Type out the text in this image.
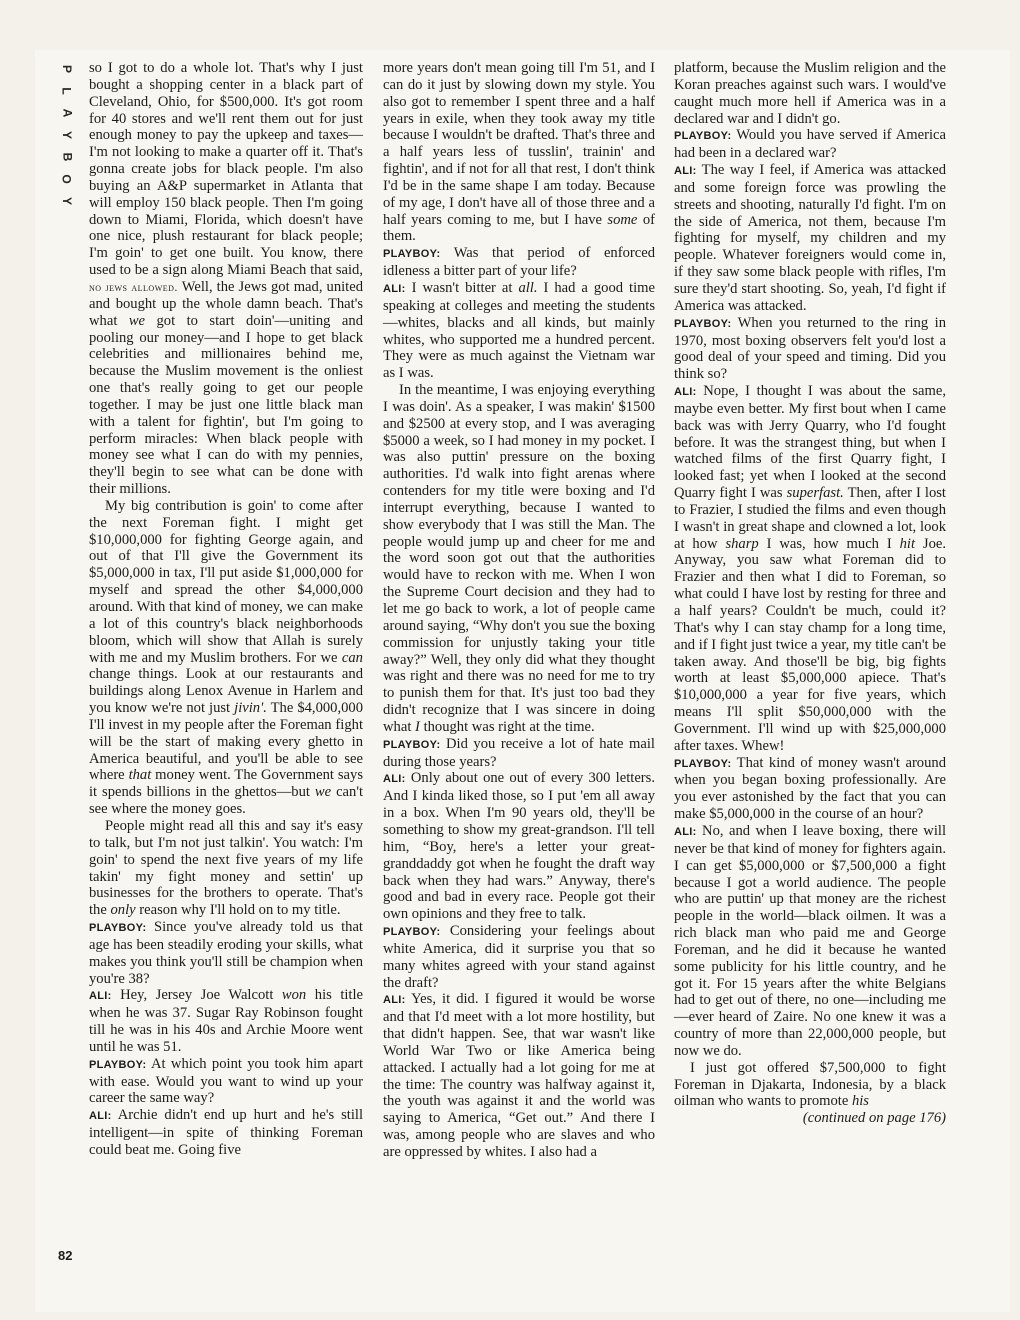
P
L
A
Y
B
O
Y
82

so I got to do a whole lot. That's why I just bought a shopping center in a black part of Cleveland, Ohio, for $500,000. It's got room for 40 stores and we'll rent them out for just enough money to pay the upkeep and taxes—I'm not looking to make a quarter off it. That's gonna create jobs for black people. I'm also buying an A&P supermarket in Atlanta that will employ 150 black people. Then I'm going down to Miami, Florida, which doesn't have one nice, plush restaurant for black people; I'm goin' to get one built. You know, there used to be a sign along Miami Beach that said, no jews allowed. Well, the Jews got mad, united and bought up the whole damn beach. That's what we got to start doin'—uniting and pooling our money—and I hope to get black celebrities and millionaires behind me, because the Muslim movement is the onliest one that's really going to get our people together. I may be just one little black man with a talent for fightin', but I'm going to perform miracles: When black people with money see what I can do with my pennies, they'll begin to see what can be done with their millions.

My big contribution is goin' to come after the next Foreman fight. I might get $10,000,000 for fighting George again, and out of that I'll give the Government its $5,000,000 in tax, I'll put aside $1,000,000 for myself and spread the other $4,000,000 around. With that kind of money, we can make a lot of this country's black neighborhoods bloom, which will show that Allah is surely with me and my Muslim brothers. For we can change things. Look at our restaurants and buildings along Lenox Avenue in Harlem and you know we're not just jivin'. The $4,000,000 I'll invest in my people after the Foreman fight will be the start of making every ghetto in America beautiful, and you'll be able to see where that money went. The Government says it spends billions in the ghettos—but we can't see where the money goes.

People might read all this and say it's easy to talk, but I'm not just talkin'. You watch: I'm goin' to spend the next five years of my life takin' my fight money and settin' up businesses for the brothers to operate. That's the only reason why I'll hold on to my title.

PLAYBOY: Since you've already told us that age has been steadily eroding your skills, what makes you think you'll still be champion when you're 38?

ALI: Hey, Jersey Joe Walcott won his title when he was 37. Sugar Ray Robinson fought till he was in his 40s and Archie Moore went until he was 51.

PLAYBOY: At which point you took him apart with ease. Would you want to wind up your career the same way?

ALI: Archie didn't end up hurt and he's still intelligent—in spite of thinking Foreman could beat me. Going five

more years don't mean going till I'm 51, and I can do it just by slowing down my style. You also got to remember I spent three and a half years in exile, when they took away my title because I wouldn't be drafted. That's three and a half years less of tusslin', trainin' and fightin', and if not for all that rest, I don't think I'd be in the same shape I am today. Because of my age, I don't have all of those three and a half years coming to me, but I have some of them.

PLAYBOY: Was that period of enforced idleness a bitter part of your life?

ALI: I wasn't bitter at all. I had a good time speaking at colleges and meeting the students—whites, blacks and all kinds, but mainly whites, who supported me a hundred percent. They were as much against the Vietnam war as I was.

In the meantime, I was enjoying everything I was doin'. As a speaker, I was makin' $1500 and $2500 at every stop, and I was averaging $5000 a week, so I had money in my pocket. I was also puttin' pressure on the boxing authorities. I'd walk into fight arenas where contenders for my title were boxing and I'd interrupt everything, because I wanted to show everybody that I was still the Man. The people would jump up and cheer for me and the word soon got out that the authorities would have to reckon with me. When I won the Supreme Court decision and they had to let me go back to work, a lot of people came around saying, “Why don't you sue the boxing commission for unjustly taking your title away?” Well, they only did what they thought was right and there was no need for me to try to punish them for that. It's just too bad they didn't recognize that I was sincere in doing what I thought was right at the time.

PLAYBOY: Did you receive a lot of hate mail during those years?

ALI: Only about one out of every 300 letters. And I kinda liked those, so I put 'em all away in a box. When I'm 90 years old, they'll be something to show my great-grandson. I'll tell him, “Boy, here's a letter your great-granddaddy got when he fought the draft way back when they had wars.” Anyway, there's good and bad in every race. People got their own opinions and they free to talk.

PLAYBOY: Considering your feelings about white America, did it surprise you that so many whites agreed with your stand against the draft?

ALI: Yes, it did. I figured it would be worse and that I'd meet with a lot more hostility, but that didn't happen. See, that war wasn't like World War Two or like America being attacked. I actually had a lot going for me at the time: The country was halfway against it, the youth was against it and the world was saying to America, “Get out.” And there I was, among people who are slaves and who are oppressed by whites. I also had a

platform, because the Muslim religion and the Koran preaches against such wars. I would've caught much more hell if America was in a declared war and I didn't go.

PLAYBOY: Would you have served if America had been in a declared war?

ALI: The way I feel, if America was attacked and some foreign force was prowling the streets and shooting, naturally I'd fight. I'm on the side of America, not them, because I'm fighting for myself, my children and my people. Whatever foreigners would come in, if they saw some black people with rifles, I'm sure they'd start shooting. So, yeah, I'd fight if America was attacked.

PLAYBOY: When you returned to the ring in 1970, most boxing observers felt you'd lost a good deal of your speed and timing. Did you think so?

ALI: Nope, I thought I was about the same, maybe even better. My first bout when I came back was with Jerry Quarry, who I'd fought before. It was the strangest thing, but when I watched films of the first Quarry fight, I looked fast; yet when I looked at the second Quarry fight I was superfast. Then, after I lost to Frazier, I studied the films and even though I wasn't in great shape and clowned a lot, look at how sharp I was, how much I hit Joe. Anyway, you saw what Foreman did to Frazier and then what I did to Foreman, so what could I have lost by resting for three and a half years? Couldn't be much, could it? That's why I can stay champ for a long time, and if I fight just twice a year, my title can't be taken away. And those'll be big, big fights worth at least $5,000,000 apiece. That's $10,000,000 a year for five years, which means I'll split $50,000,000 with the Government. I'll wind up with $25,000,000 after taxes. Whew!

PLAYBOY: That kind of money wasn't around when you began boxing professionally. Are you ever astonished by the fact that you can make $5,000,000 in the course of an hour?

ALI: No, and when I leave boxing, there will never be that kind of money for fighters again. I can get $5,000,000 or $7,500,000 a fight because I got a world audience. The people who are puttin' up that money are the richest people in the world—black oilmen. It was a rich black man who paid me and George Foreman, and he did it because he wanted some publicity for his little country, and he got it. For 15 years after the white Belgians had to get out of there, no one—including me—ever heard of Zaire. No one knew it was a country of more than 22,000,000 people, but now we do.

I just got offered $7,500,000 to fight Foreman in Djakarta, Indonesia, by a black oilman who wants to promote his

(continued on page 176)
